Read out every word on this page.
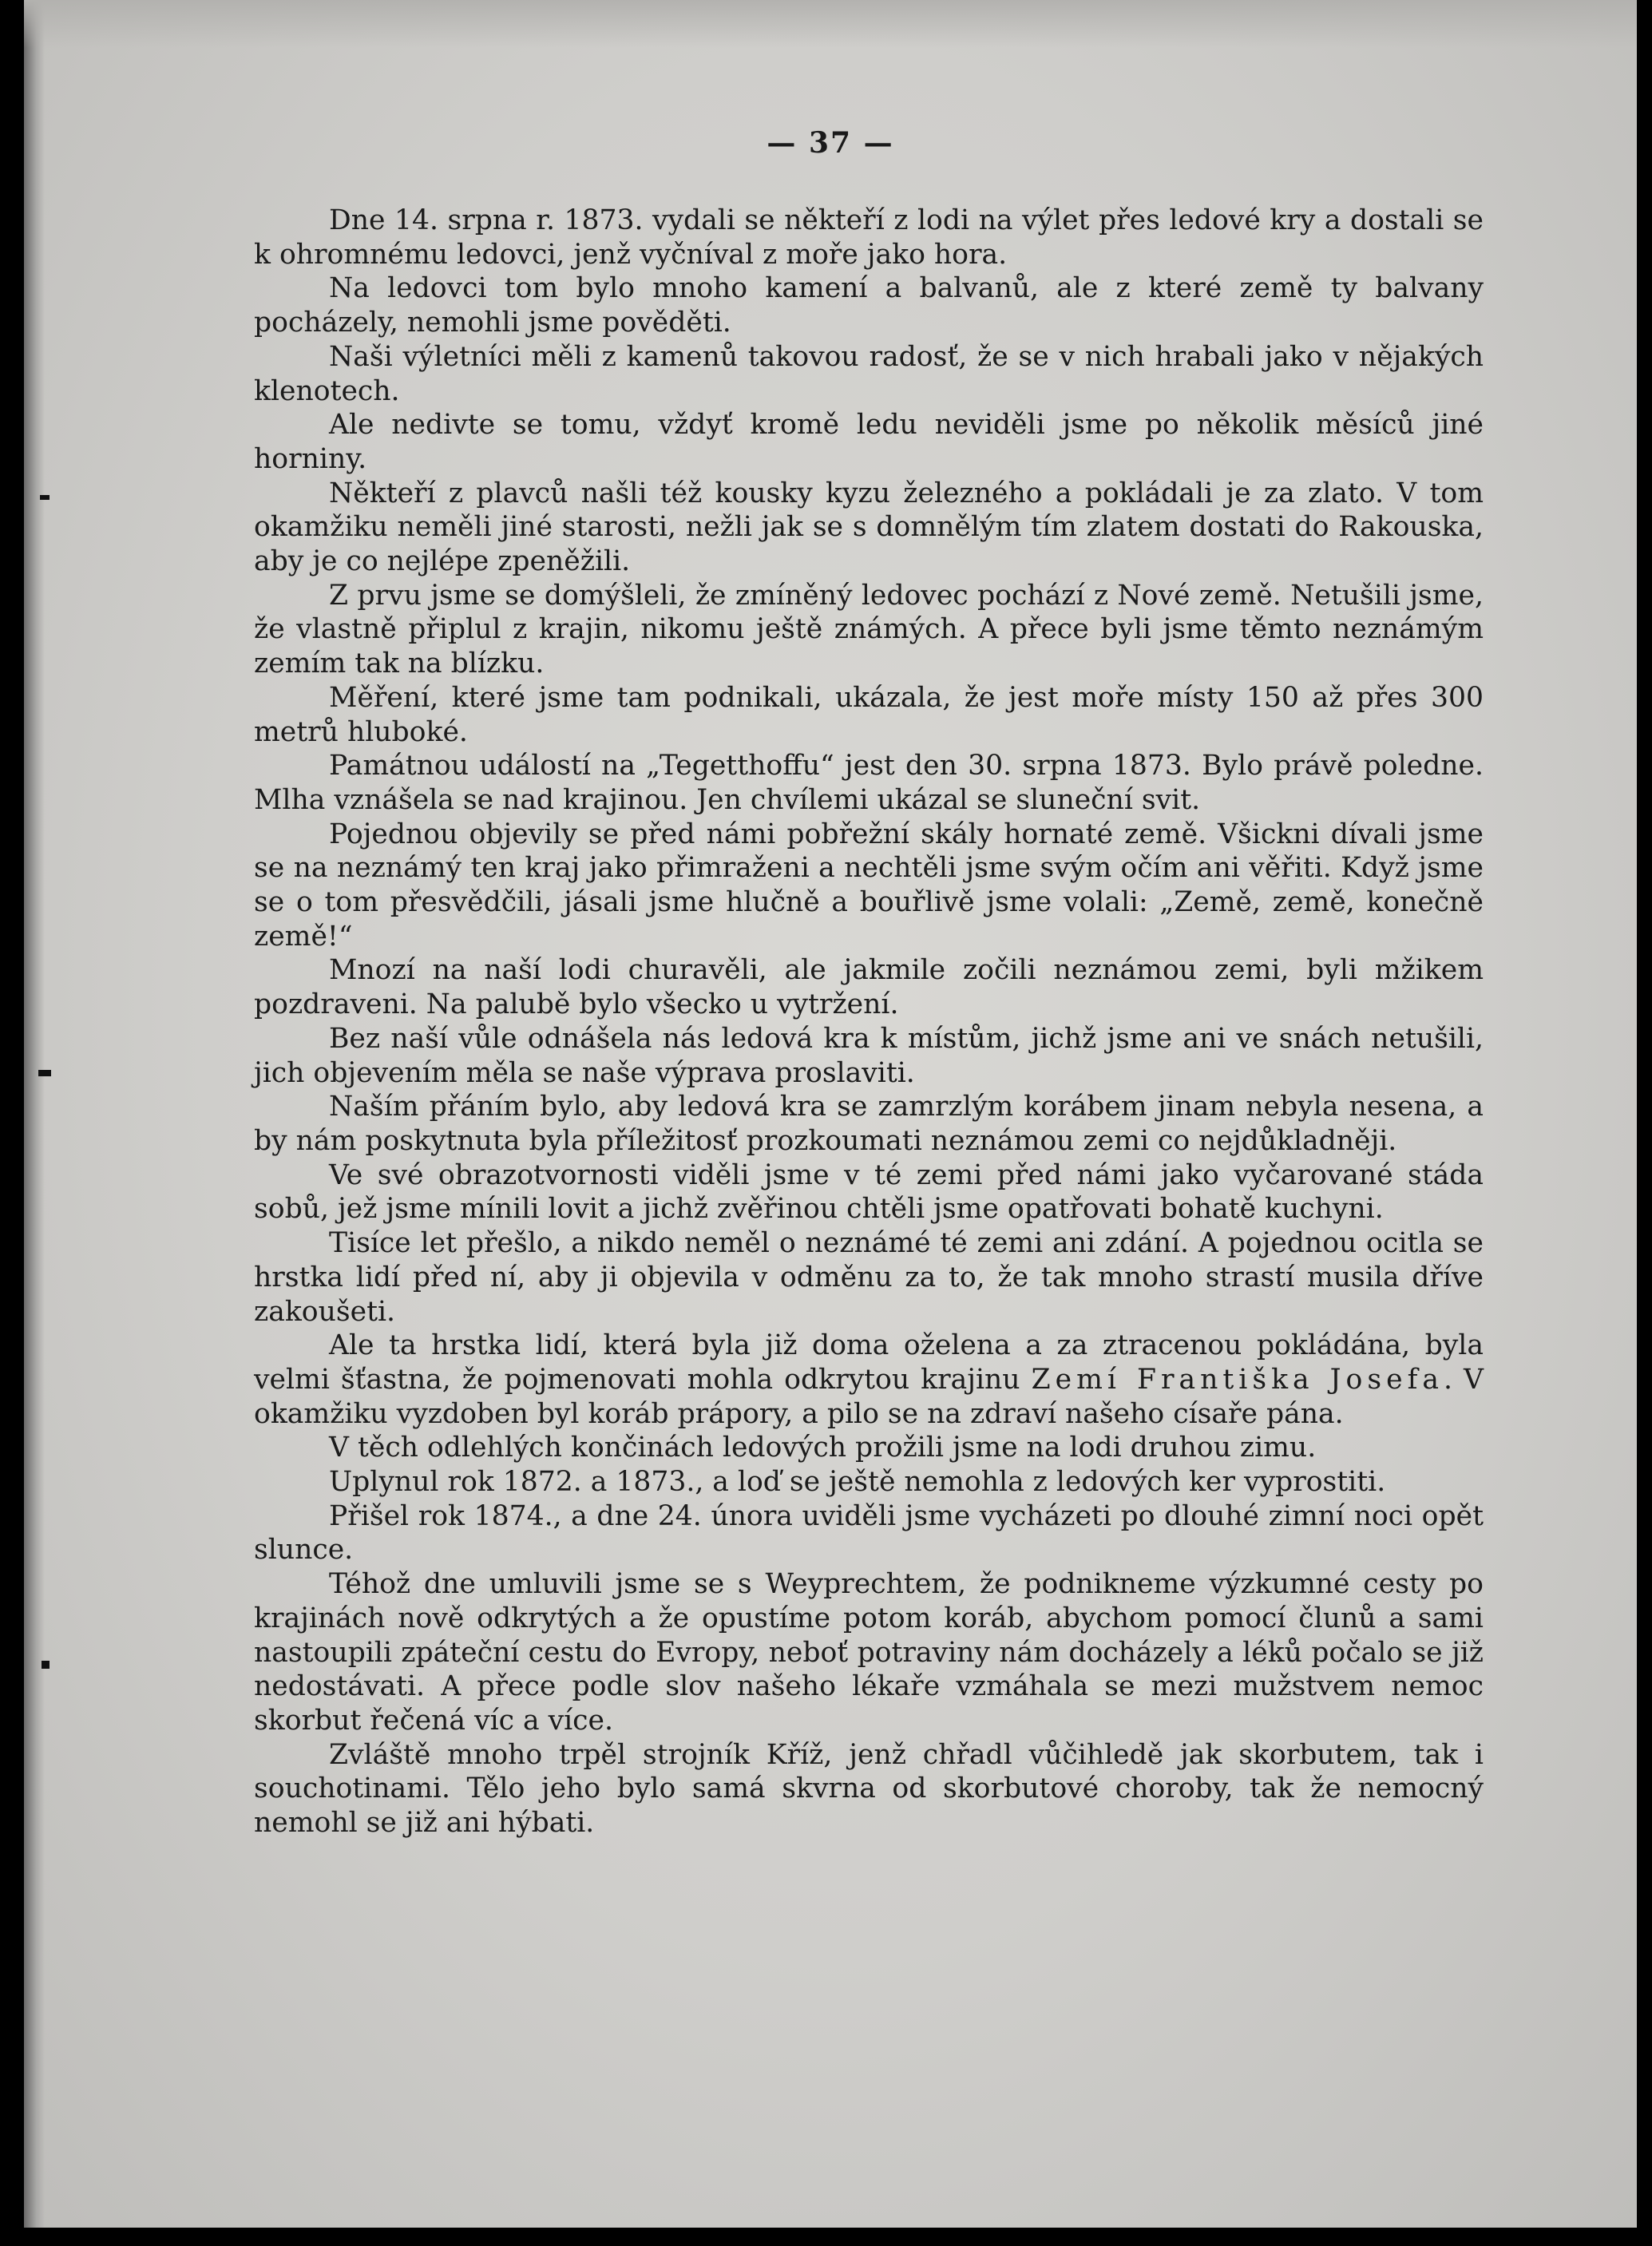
— 37 —

Dne 14. srpna r. 1873. vydali se někteří z lodi na výlet přes ledové kry a dostali se k ohromnému ledovci, jenž vyčníval z moře jako hora.

Na ledovci tom bylo mnoho kamení a balvanů, ale z které země ty balvany pocházely, nemohli jsme pověděti.

Naši výletníci měli z kamenů takovou radosť, že se v nich hrabali jako v nějakých klenotech.

Ale nedivte se tomu, vždyť kromě ledu neviděli jsme po několik měsíců jiné horniny.

Někteří z plavců našli též kousky kyzu železného a pokládali je za zlato. V tom okamžiku neměli jiné starosti, nežli jak se s domnělým tím zlatem dostati do Rakouska, aby je co nejlépe zpeněžili.

Z prvu jsme se domýšleli, že zmíněný ledovec pochází z Nové země. Netušili jsme, že vlastně připlul z krajin, nikomu ještě známých. A přece byli jsme těmto neznámým zemím tak na blízku.

Měření, které jsme tam podnikali, ukázala, že jest moře místy 150 až přes 300 metrů hluboké.

Památnou událostí na „Tegetthoffu“ jest den 30. srpna 1873. Bylo právě poledne. Mlha vznášela se nad krajinou. Jen chvílemi ukázal se sluneční svit.

Pojednou objevily se před námi pobřežní skály hornaté země. Všickni dívali jsme se na neznámý ten kraj jako přimraženi a nechtěli jsme svým očím ani věřiti. Když jsme se o tom přesvědčili, jásali jsme hlučně a bouřlivě jsme volali: „Země, země, konečně země!“

Mnozí na naší lodi churavěli, ale jakmile zočili neznámou zemi, byli mžikem pozdraveni. Na palubě bylo všecko u vytržení.

Bez naší vůle odnášela nás ledová kra k místům, jichž jsme ani ve snách netušili, jich objevením měla se naše výprava proslaviti.

Naším přáním bylo, aby ledová kra se zamrzlým korábem jinam nebyla nesena, a by nám poskytnuta byla příležitosť prozkoumati neznámou zemi co nejdůkladněji.

Ve své obrazotvornosti viděli jsme v té zemi před námi jako vyčarované stáda sobů, jež jsme mínili lovit a jichž zvěřinou chtěli jsme opatřovati bohatě kuchyni.

Tisíce let přešlo, a nikdo neměl o neznámé té zemi ani zdání. A pojednou ocitla se hrstka lidí před ní, aby ji objevila v odměnu za to, že tak mnoho strastí musila dříve zakoušeti.

Ale ta hrstka lidí, která byla již doma oželena a za ztracenou pokládána, byla velmi šťastna, že pojmenovati mohla odkrytou krajinu Zemí Františka Josefa. V okamžiku vyzdoben byl koráb prápory, a pilo se na zdraví našeho císaře pána.

V těch odlehlých končinách ledových prožili jsme na lodi druhou zimu.

Uplynul rok 1872. a 1873., a loď se ještě nemohla z ledových ker vyprostiti.

Přišel rok 1874., a dne 24. února uviděli jsme vycházeti po dlouhé zimní noci opět slunce.

Téhož dne umluvili jsme se s Weyprechtem, že podnikneme výzkumné cesty po krajinách nově odkrytých a že opustíme potom koráb, abychom pomocí člunů a sami nastoupili zpáteční cestu do Evropy, neboť potraviny nám docházely a léků počalo se již nedostávati. A přece podle slov našeho lékaře vzmáhala se mezi mužstvem nemoc skorbut řečená víc a více.

Zvláště mnoho trpěl strojník Kříž, jenž chřadl vůčihledě jak skorbutem, tak i souchotinami. Tělo jeho bylo samá skvrna od skorbutové choroby, tak že nemocný nemohl se již ani hýbati.
